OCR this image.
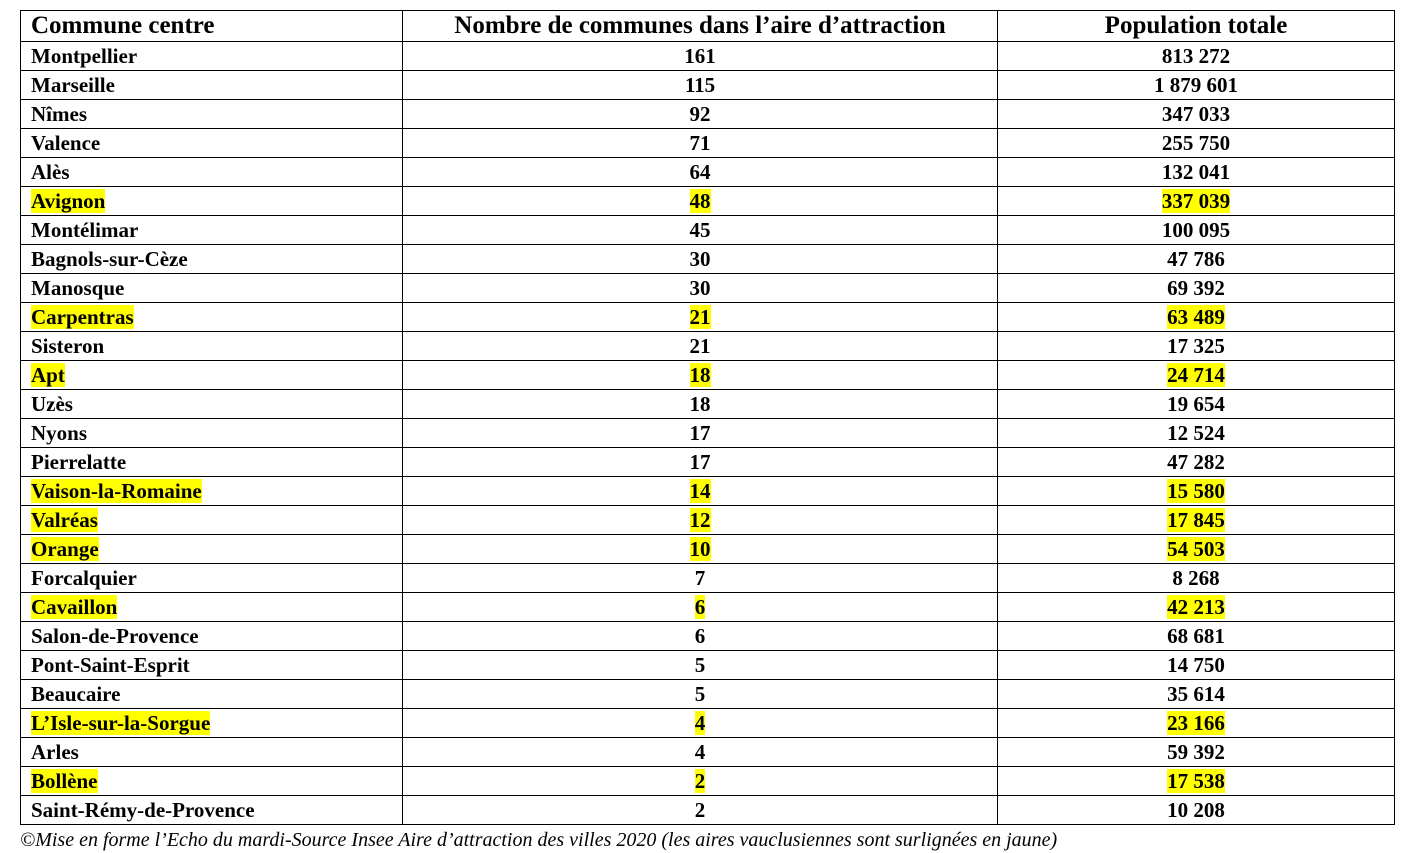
Commune centre	Nombre de communes dans l’aire d’attraction	Population totale
Montpellier	161	813 272
Marseille	115	1 879 601
Nîmes	92	347 033
Valence	71	255 750
Alès	64	132 041
Avignon	48	337 039
Montélimar	45	100 095
Bagnols-sur-Cèze	30	47 786
Manosque	30	69 392
Carpentras	21	63 489
Sisteron	21	17 325
Apt	18	24 714
Uzès	18	19 654
Nyons	17	12 524
Pierrelatte	17	47 282
Vaison-la-Romaine	14	15 580
Valréas	12	17 845
Orange	10	54 503
Forcalquier	7	8 268
Cavaillon	6	42 213
Salon-de-Provence	6	68 681
Pont-Saint-Esprit	5	14 750
Beaucaire	5	35 614
L’Isle-sur-la-Sorgue	4	23 166
Arles	4	59 392
Bollène	2	17 538
Saint-Rémy-de-Provence	2	10 208
©Mise en forme l’Echo du mardi-Source Insee Aire d’attraction des villes 2020 (les aires vauclusiennes sont surlignées en jaune)
